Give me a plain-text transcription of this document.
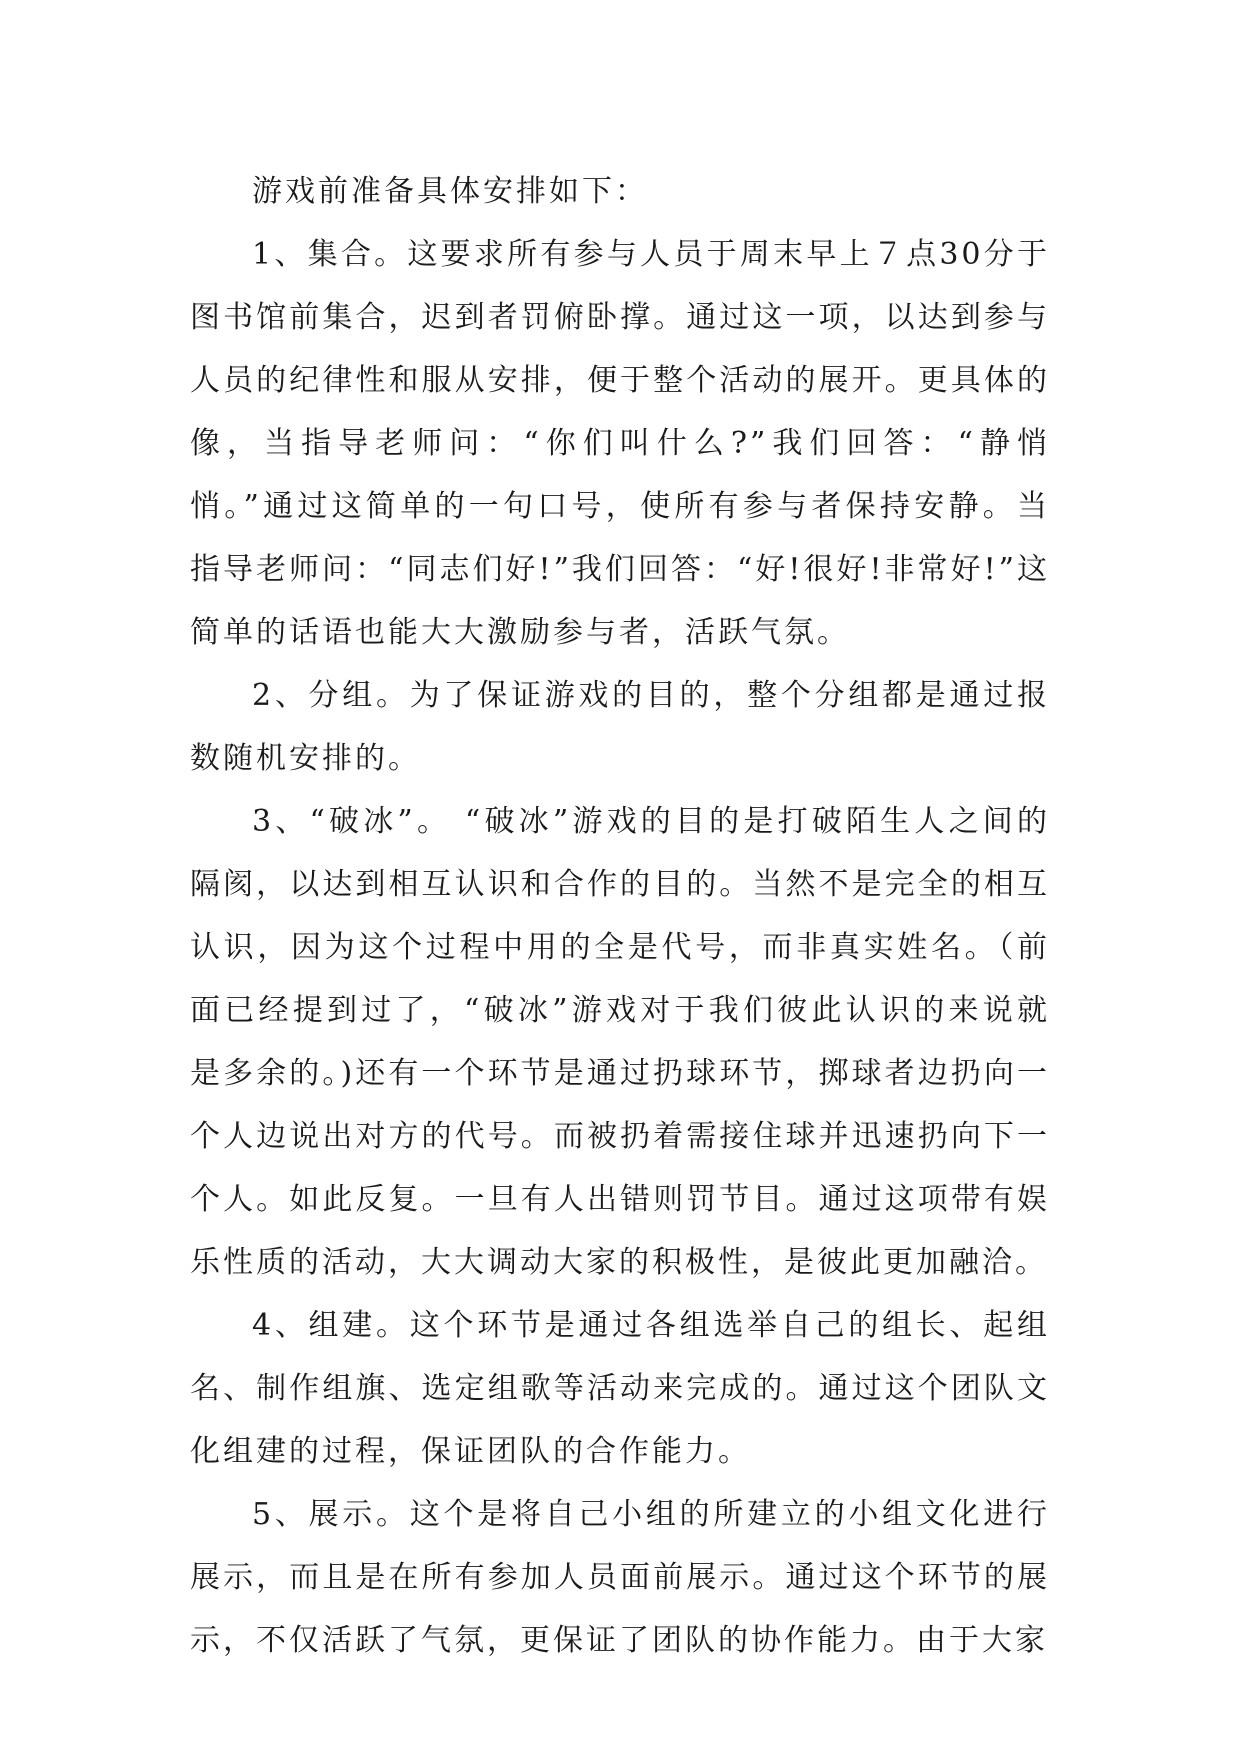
游戏前准备具体安排如下：

1、集合。这要求所有参与人员于周末早上７点30分于图书馆前集合，迟到者罚俯卧撑。通过这一项，以达到参与人员的纪律性和服从安排，便于整个活动的展开。更具体的像，当指导老师问：“你们叫什么?”我们回答：“静悄悄。”通过这简单的一句口号，使所有参与者保持安静。当指导老师问：“同志们好!”我们回答：“好!很好!非常好!”这简单的话语也能大大激励参与者，活跃气氛。

2、分组。为了保证游戏的目的，整个分组都是通过报数随机安排的。

3、“破冰”。 “破冰”游戏的目的是打破陌生人之间的隔阂，以达到相互认识和合作的目的。当然不是完全的相互认识，因为这个过程中用的全是代号，而非真实姓名。（前面已经提到过了，“破冰”游戏对于我们彼此认识的来说就是多余的。)还有一个环节是通过扔球环节，掷球者边扔向一个人边说出对方的代号。而被扔着需接住球并迅速扔向下一个人。如此反复。一旦有人出错则罚节目。通过这项带有娱乐性质的活动，大大调动大家的积极性，是彼此更加融洽。

4、组建。这个环节是通过各组选举自己的组长、起组名、制作组旗、选定组歌等活动来完成的。通过这个团队文化组建的过程，保证团队的合作能力。

5、展示。这个是将自己小组的所建立的小组文化进行展示，而且是在所有参加人员面前展示。通过这个环节的展示，不仅活跃了气氛，更保证了团队的协作能力。由于大家
